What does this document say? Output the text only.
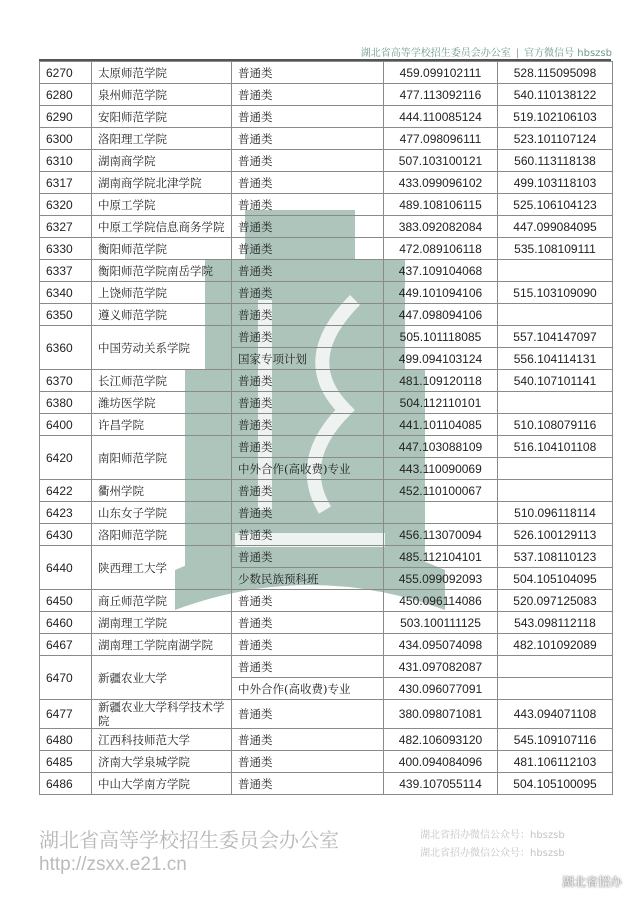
湖北省高等学校招生委员会办公室 | 官方微信号 hbszsb
6270	太原师范学院	普通类	459.099102111	528.115095098
6280	泉州师范学院	普通类	477.113092116	540.110138122
6290	安阳师范学院	普通类	444.110085124	519.102106103
6300	洛阳理工学院	普通类	477.098096111	523.101107124
6310	湖南商学院	普通类	507.103100121	560.113118138
6317	湖南商学院北津学院	普通类	433.099096102	499.103118103
6320	中原工学院	普通类	489.108106115	525.106104123
6327	中原工学院信息商务学院	普通类	383.092082084	447.099084095
6330	衡阳师范学院	普通类	472.089106118	535.108109111
6337	衡阳师范学院南岳学院	普通类	437.109104068	
6340	上饶师范学院	普通类	449.101094106	515.103109090
6350	遵义师范学院	普通类	447.098094106	
6360	中国劳动关系学院	普通类	505.101118085	557.104147097
		国家专项计划	499.094103124	556.104114131
6370	长江师范学院	普通类	481.109120118	540.107101141
6380	潍坊医学院	普通类	504.112110101	
6400	许昌学院	普通类	441.101104085	510.108079116
6420	南阳师范学院	普通类	447.103088109	516.104101108
		中外合作(高收费)专业	443.110090069	
6422	衢州学院	普通类	452.110100067	
6423	山东女子学院	普通类		510.096118114
6430	洛阳师范学院	普通类	456.113070094	526.100129113
6440	陕西理工大学	普通类	485.112104101	537.108110123
		少数民族预科班	455.099092093	504.105104095
6450	商丘师范学院	普通类	450.096114086	520.097125083
6460	湖南理工学院	普通类	503.100111125	543.098112118
6467	湖南理工学院南湖学院	普通类	434.095074098	482.101092089
6470	新疆农业大学	普通类	431.097082087	
		中外合作(高收费)专业	430.096077091	
6477	新疆农业大学科学技术学院	普通类	380.098071081	443.094071108
6480	江西科技师范大学	普通类	482.106093120	545.109107116
6485	济南大学泉城学院	普通类	400.094084096	481.106112103
6486	中山大学南方学院	普通类	439.107055114	504.105100095
湖北省高等学校招生委员会办公室
http://zsxx.e21.cn
湖北省招办微信公众号：hbszsb
湖北省招办微信公众号：hbszsb
湖北省招办
